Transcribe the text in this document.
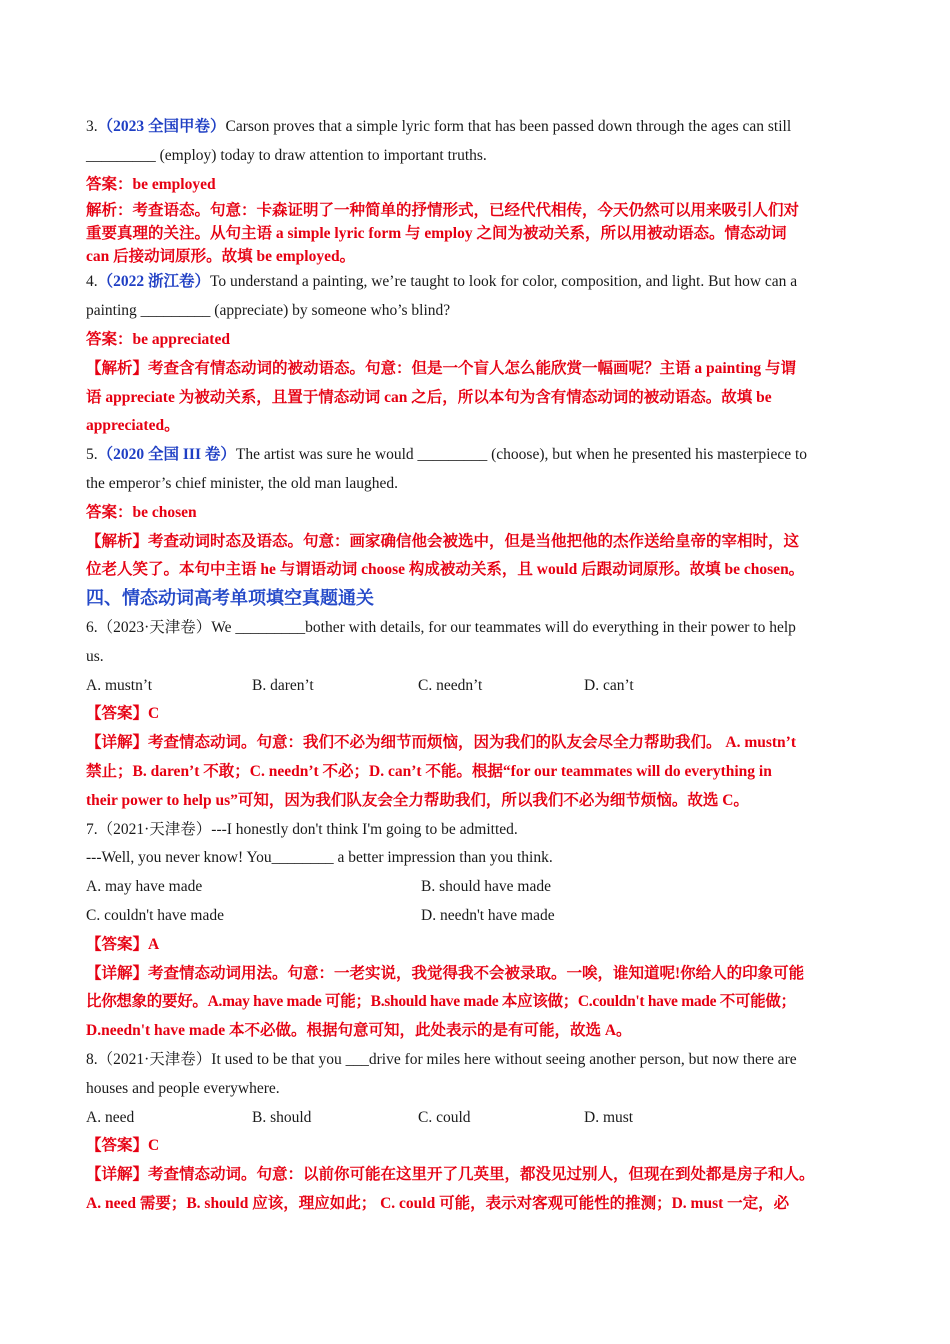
3.（2023 全国甲卷）Carson proves that a simple lyric form that has been passed down through the ages can still
_________ (employ) today to draw attention to important truths.
答案：be employed
解析：考查语态。句意：卡森证明了一种简单的抒情形式，已经代代相传，今天仍然可以用来吸引人们对
重要真理的关注。从句主语 a simple lyric form 与 employ 之间为被动关系，所以用被动语态。情态动词
can 后接动词原形。故填 be employed。
4.（2022 浙江卷）To understand a painting, we’re taught to look for color, composition, and light. But how can a
painting _________ (appreciate) by someone who’s blind?
答案：be appreciated
【解析】考查含有情态动词的被动语态。句意：但是一个盲人怎么能欣赏一幅画呢？主语 a painting 与谓
语 appreciate 为被动关系，且置于情态动词 can 之后，所以本句为含有情态动词的被动语态。故填 be
appreciated。
5.（2020 全国 III 卷）The artist was sure he would _________ (choose), but when he presented his masterpiece to
the emperor’s chief minister, the old man laughed.
答案：be chosen
【解析】考查动词时态及语态。句意：画家确信他会被选中，但是当他把他的杰作送给皇帝的宰相时，这
位老人笑了。本句中主语 he 与谓语动词 choose 构成被动关系，且 would 后跟动词原形。故填 be chosen。
四、情态动词高考单项填空真题通关
6.（2023·天津卷）We _________bother with details, for our teammates will do everything in their power to help
us.
A. mustn’t	B. daren’t	C. needn’t	D. can’t
【答案】C
【详解】考查情态动词。句意：我们不必为细节而烦恼，因为我们的队友会尽全力帮助我们。 A. mustn’t
禁止；B. daren’t 不敢；C. needn’t 不必；D. can’t 不能。根据“for our teammates will do everything in
their power to help us”可知，因为我们队友会全力帮助我们，所以我们不必为细节烦恼。故选 C。
7.（2021·天津卷）---I honestly don't think I'm going to be admitted.
---Well, you never know! You________ a better impression than you think.
A. may have made	B. should have made
C. couldn't have made	D. needn't have made
【答案】A
【详解】考查情态动词用法。句意：一老实说，我觉得我不会被录取。一唉，谁知道呢!你给人的印象可能
比你想象的要好。A.may have made 可能；B.should have made 本应该做；C.couldn't have made 不可能做；
D.needn't have made 本不必做。根据句意可知，此处表示的是有可能，故选 A。
8.（2021·天津卷）It used to be that you ___drive for miles here without seeing another person, but now there are
houses and people everywhere.
A. need	B. should	C. could	D. must
【答案】C
【详解】考查情态动词。句意：以前你可能在这里开了几英里，都没见过别人，但现在到处都是房子和人。
A. need 需要；B. should 应该，理应如此； C. could 可能，表示对客观可能性的推测；D. must 一定，必
